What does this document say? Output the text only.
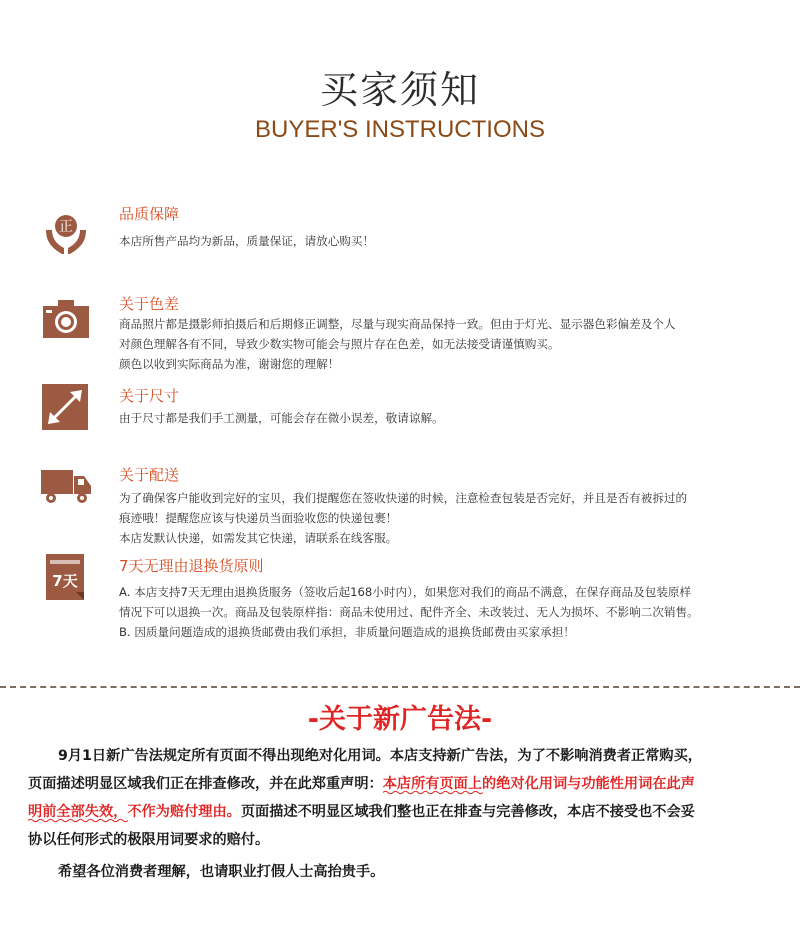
买家须知
BUYER'S INSTRUCTIONS
正
品质保障
本店所售产品均为新品，质量保证，请放心购买！
关于色差
商品照片都是摄影师拍摄后和后期修正调整，尽量与现实商品保持一致。但由于灯光、显示器色彩偏差及个人
对颜色理解各有不同，导致少数实物可能会与照片存在色差，如无法接受请谨慎购买。
颜色以收到实际商品为准，谢谢您的理解！
关于尺寸
由于尺寸都是我们手工测量，可能会存在微小误差，敬请谅解。
关于配送
为了确保客户能收到完好的宝贝，我们提醒您在签收快递的时候，注意检查包装是否完好，并且是否有被拆过的
痕迹哦！提醒您应该与快递员当面验收您的快递包裹！
本店发默认快递，如需发其它快递，请联系在线客服。
7天
7天无理由退换货原则
A. 本店支持7天无理由退换货服务（签收后起168小时内），如果您对我们的商品不满意，在保存商品及包装原样
情况下可以退换一次。商品及包装原样指：商品未使用过、配件齐全、未改装过、无人为损坏、不影响二次销售。
B. 因质量问题造成的退换货邮费由我们承担，非质量问题造成的退换货邮费由买家承担！
-关于新广告法-
9月1日新广告法规定所有页面不得出现绝对化用词。本店支持新广告法，为了不影响消费者正常购买，
页面描述明显区域我们正在排查修改，并在此郑重声明：本店所有页面上的绝对化用词与功能性用词在此声
明前全部失效，不作为赔付理由。
页面描述不明显区域我们整也正在排查与完善修改，本店不接受也不会妥
协以任何形式的极限用词要求的赔付。
希望各位消费者理解，也请职业打假人士高抬贵手。
